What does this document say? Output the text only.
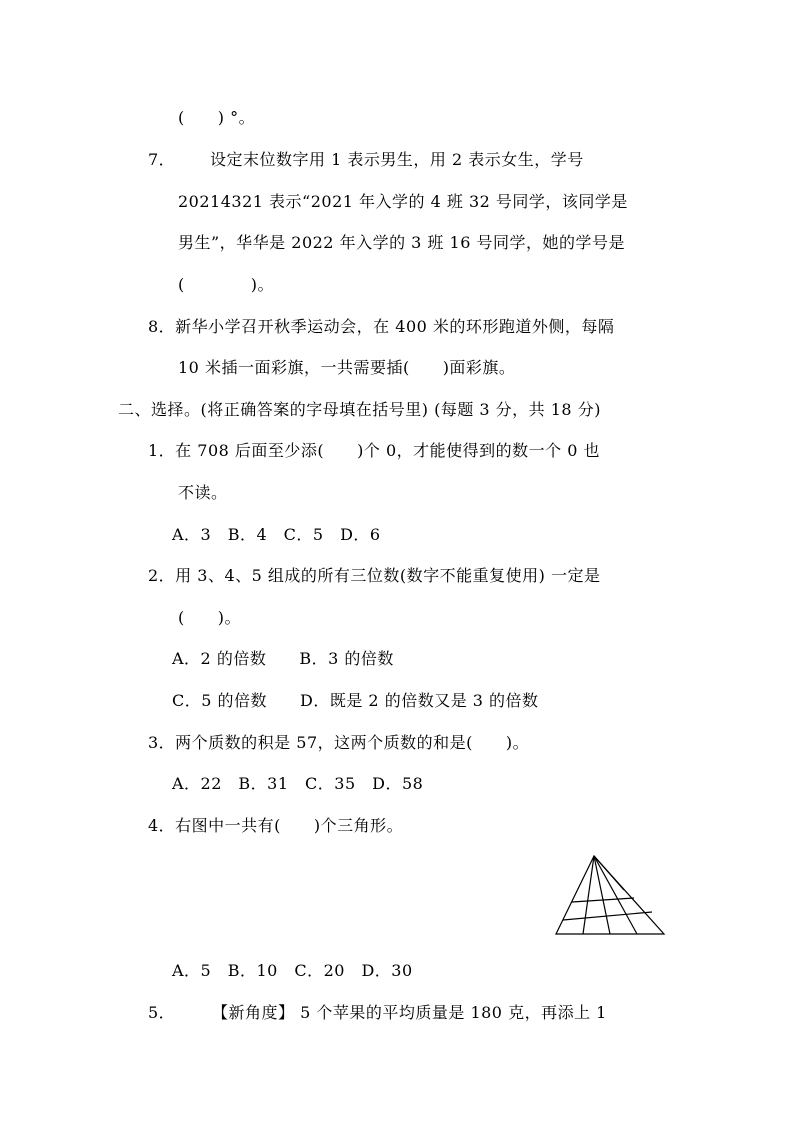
(　　) °。
7． 设定末位数字用 1 表示男生，用 2 表示女生，学号
20214321 表示“2021 年入学的 4 班 32 号同学，该同学是
男生”，华华是 2022 年入学的 3 班 16 号同学，她的学号是
(　　　　)。
8．新华小学召开秋季运动会，在 400 米的环形跑道外侧，每隔
10 米插一面彩旗，一共需要插(　　)面彩旗。
二、选择。(将正确答案的字母填在括号里) (每题 3 分，共 18 分)
1．在 708 后面至少添(　　)个 0，才能使得到的数一个 0 也
不读。
A．3　B．4　C．5　D．6
2．用 3、4、5 组成的所有三位数(数字不能重复使用) 一定是
(　　)。
A．2 的倍数　　B．3 的倍数
C．5 的倍数　　D．既是 2 的倍数又是 3 的倍数
3．两个质数的积是 57，这两个质数的和是(　　)。
A．22　B．31　C．35　D．58
4．右图中一共有(　　)个三角形。
A．5　B．10　C．20　D．30
5． 【新角度】 5 个苹果的平均质量是 180 克，再添上 1
